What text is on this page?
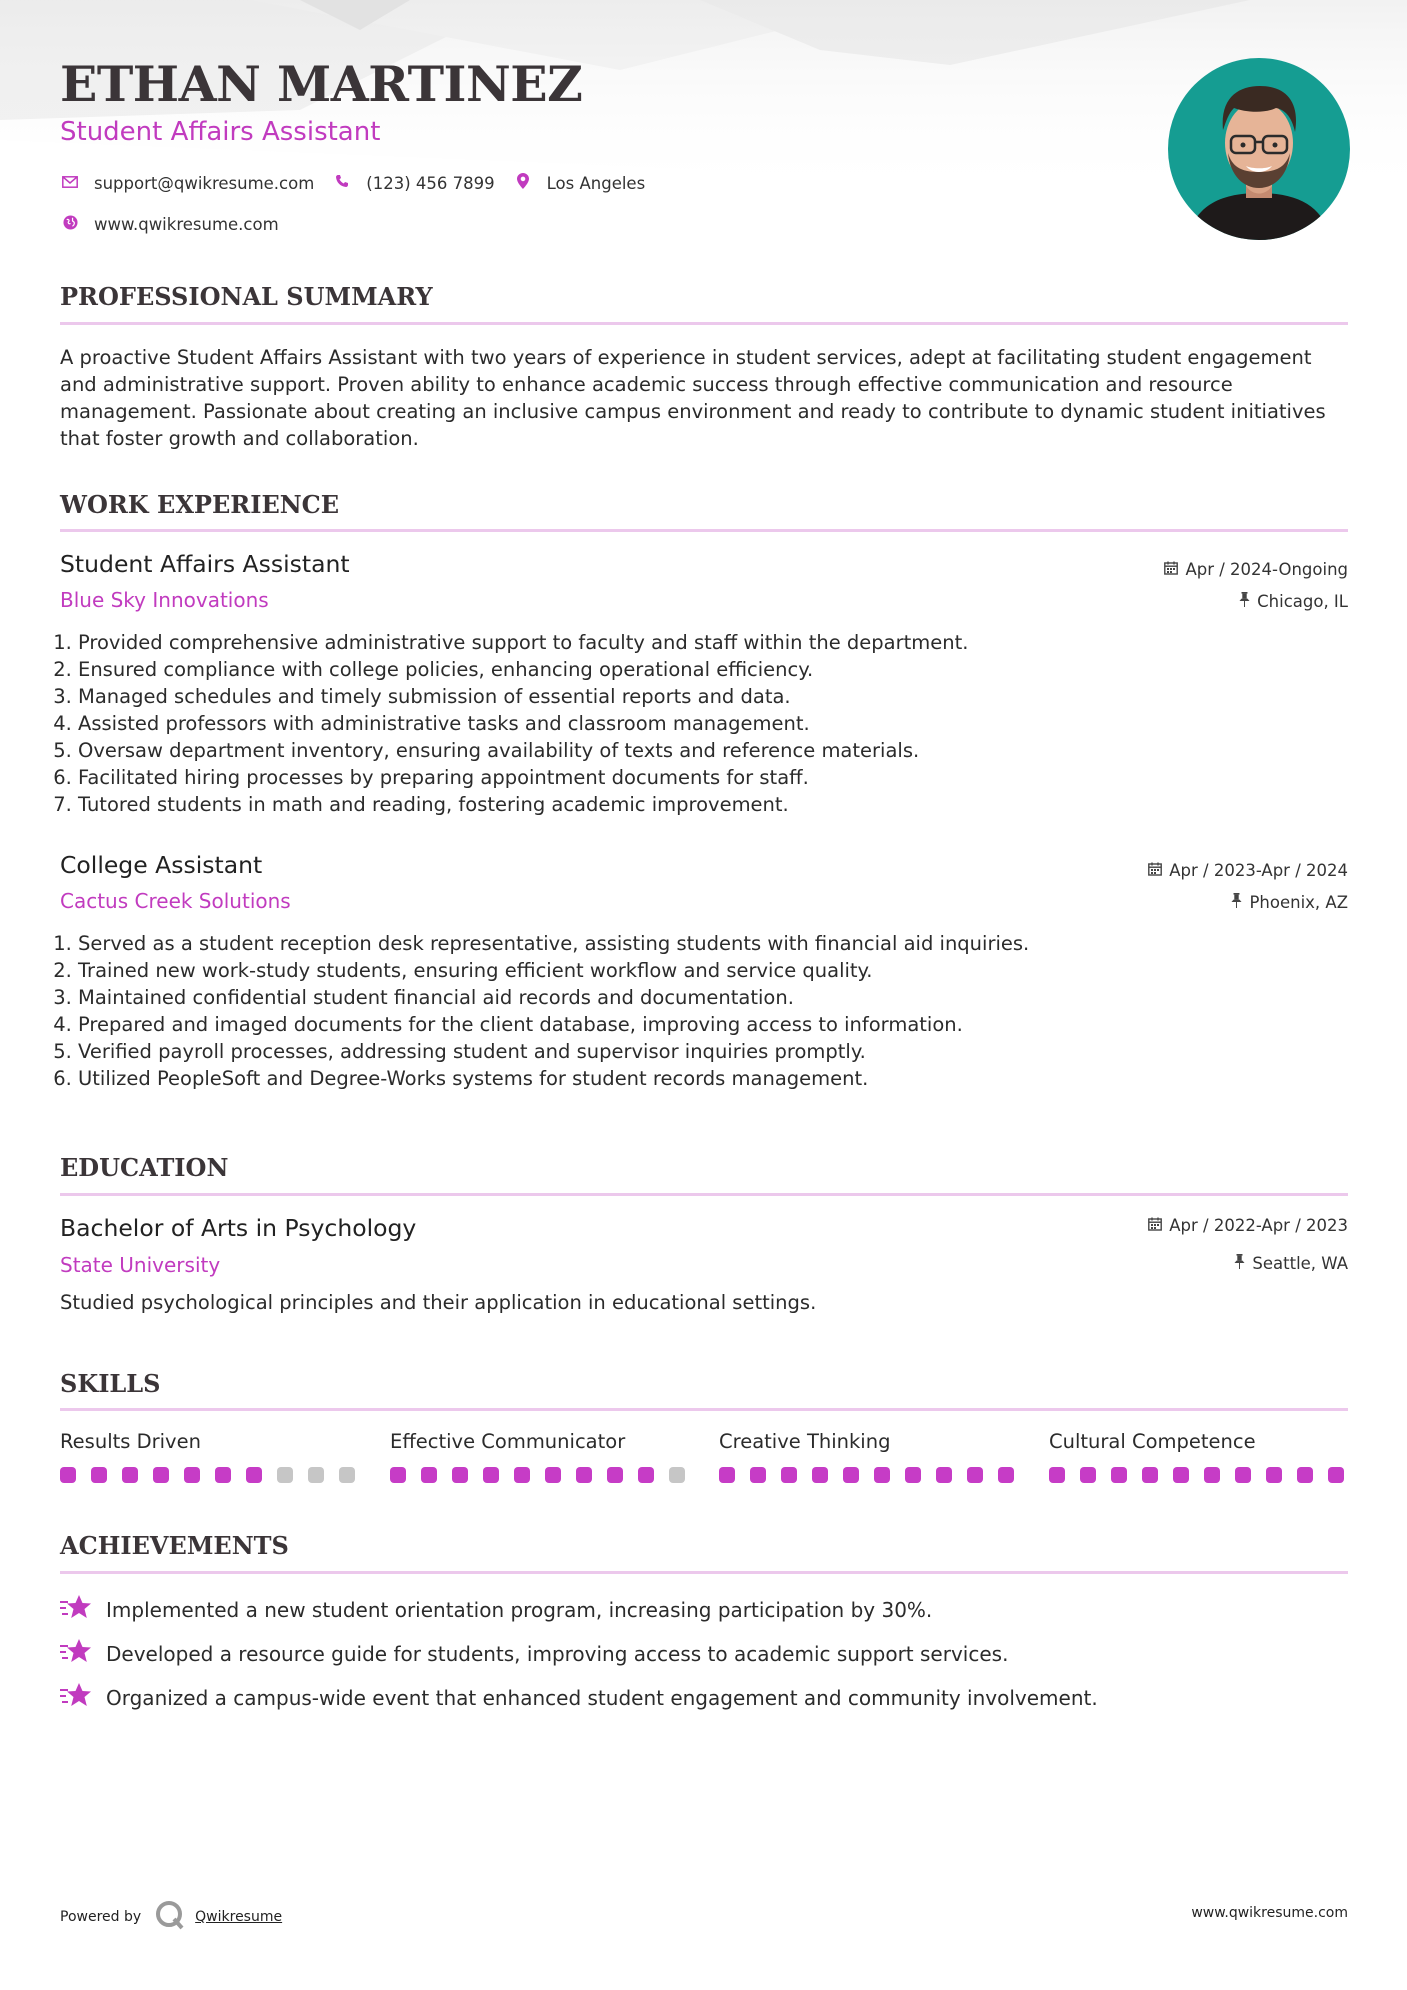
ETHAN MARTINEZ
Student Affairs Assistant
support@qwikresume.com	(123) 456 7899	Los Angeles
www.qwikresume.com
PROFESSIONAL SUMMARY

A proactive Student Affairs Assistant with two years of experience in student services, adept at facilitating student engagement and administrative support. Proven ability to enhance academic success through effective communication and resource management. Passionate about creating an inclusive campus environment and ready to contribute to dynamic student initiatives that foster growth and collaboration.

WORK EXPERIENCE
Student Affairs Assistant
Blue Sky Innovations
Apr / 2024-Ongoing
Chicago, IL
1. Provided comprehensive administrative support to faculty and staff within the department.
2. Ensured compliance with college policies, enhancing operational efficiency.
3. Managed schedules and timely submission of essential reports and data.
4. Assisted professors with administrative tasks and classroom management.
5. Oversaw department inventory, ensuring availability of texts and reference materials.
6. Facilitated hiring processes by preparing appointment documents for staff.
7. Tutored students in math and reading, fostering academic improvement.
College Assistant
Cactus Creek Solutions
Apr / 2023-Apr / 2024
Phoenix, AZ
1. Served as a student reception desk representative, assisting students with financial aid inquiries.
2. Trained new work-study students, ensuring efficient workflow and service quality.
3. Maintained confidential student financial aid records and documentation.
4. Prepared and imaged documents for the client database, improving access to information.
5. Verified payroll processes, addressing student and supervisor inquiries promptly.
6. Utilized PeopleSoft and Degree-Works systems for student records management.
EDUCATION
Bachelor of Arts in Psychology
State University
Apr / 2022-Apr / 2023
Seattle, WA

Studied psychological principles and their application in educational settings.

SKILLS
Results Driven	Effective Communicator	Creative Thinking	Cultural Competence
ACHIEVEMENTS
Implemented a new student orientation program, increasing participation by 30%.
Developed a resource guide for students, improving access to academic support services.
Organized a campus-wide event that enhanced student engagement and community involvement.
Powered by	Qwikresume	www.qwikresume.com
